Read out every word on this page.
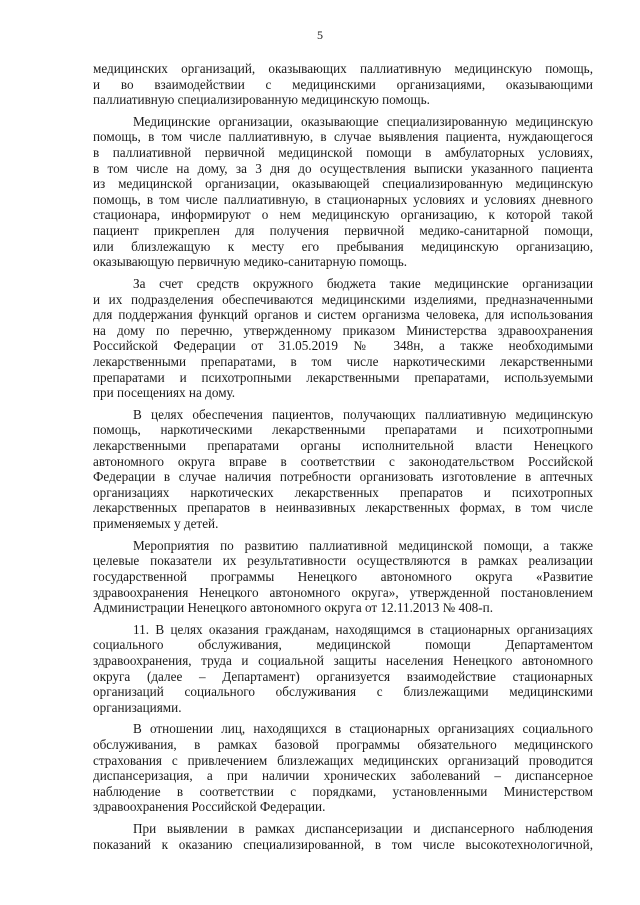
5
медицинских организаций, оказывающих паллиативную медицинскую помощь,
и во взаимодействии с медицинскими организациями, оказывающими
паллиативную специализированную медицинскую помощь.
Медицинские организации, оказывающие специализированную медицинскую
помощь, в том числе паллиативную, в случае выявления пациента, нуждающегося
в паллиативной первичной медицинской помощи в амбулаторных условиях,
в том числе на дому, за 3 дня до осуществления выписки указанного пациента
из медицинской организации, оказывающей специализированную медицинскую
помощь, в том числе паллиативную, в стационарных условиях и условиях дневного
стационара, информируют о нем медицинскую организацию, к которой такой
пациент прикреплен для получения первичной медико-санитарной помощи,
или близлежащую к месту его пребывания медицинскую организацию,
оказывающую первичную медико-санитарную помощь.
За счет средств окружного бюджета такие медицинские организации
и их подразделения обеспечиваются медицинскими изделиями, предназначенными
для поддержания функций органов и систем организма человека, для использования
на дому по перечню, утвержденному приказом Министерства здравоохранения
Российской Федерации от 31.05.2019 № 348н, а также необходимыми
лекарственными препаратами, в том числе наркотическими лекарственными
препаратами и психотропными лекарственными препаратами, используемыми
при посещениях на дому.
В целях обеспечения пациентов, получающих паллиативную медицинскую
помощь, наркотическими лекарственными препаратами и психотропными
лекарственными препаратами органы исполнительной власти Ненецкого
автономного округа вправе в соответствии с законодательством Российской
Федерации в случае наличия потребности организовать изготовление в аптечных
организациях наркотических лекарственных препаратов и психотропных
лекарственных препаратов в неинвазивных лекарственных формах, в том числе
применяемых у детей.
Мероприятия по развитию паллиативной медицинской помощи, а также
целевые показатели их результативности осуществляются в рамках реализации
государственной программы Ненецкого автономного округа «Развитие
здравоохранения Ненецкого автономного округа», утвержденной постановлением
Администрации Ненецкого автономного округа от 12.11.2013 № 408-п.
11. В целях оказания гражданам, находящимся в стационарных организациях
социального обслуживания, медицинской помощи Департаментом
здравоохранения, труда и социальной защиты населения Ненецкого автономного
округа (далее – Департамент) организуется взаимодействие стационарных
организаций социального обслуживания с близлежащими медицинскими
организациями.
В отношении лиц, находящихся в стационарных организациях социального
обслуживания, в рамках базовой программы обязательного медицинского
страхования с привлечением близлежащих медицинских организаций проводится
диспансеризация, а при наличии хронических заболеваний – диспансерное
наблюдение в соответствии с порядками, установленными Министерством
здравоохранения Российской Федерации.
При выявлении в рамках диспансеризации и диспансерного наблюдения
показаний к оказанию специализированной, в том числе высокотехнологичной,
